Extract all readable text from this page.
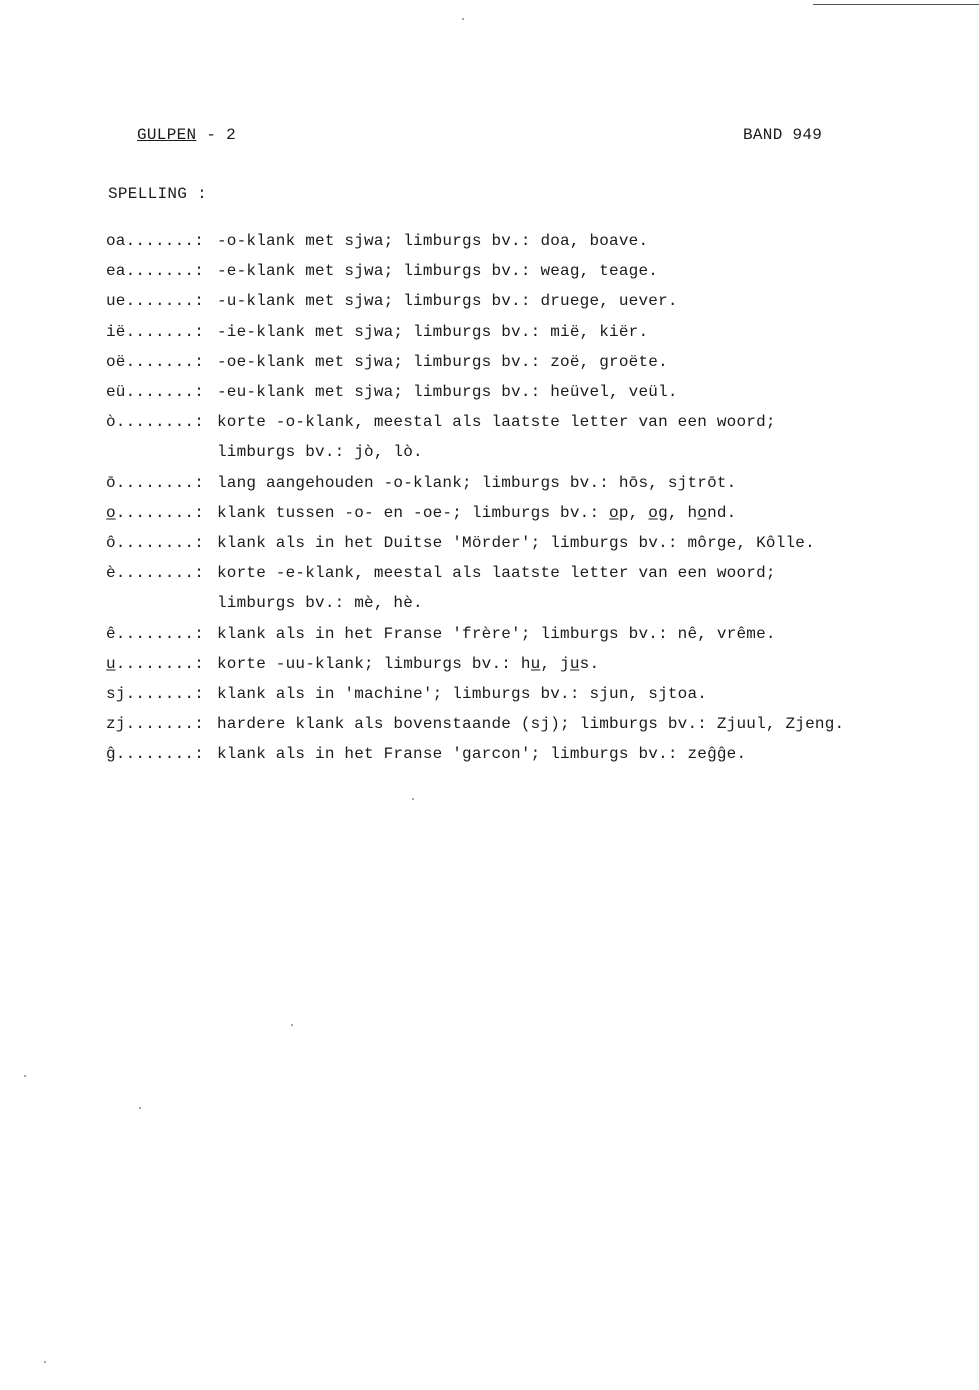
GULPEN - 2	BAND 949
SPELLING :
oa.......: -o-klank met sjwa; limburgs bv.: doa, boave.
ea.......: -e-klank met sjwa; limburgs bv.: weag, teage.
ue.......: -u-klank met sjwa; limburgs bv.: druege, uever.
ië.......: -ie-klank met sjwa; limburgs bv.: mië, kiër.
oë.......: -oe-klank met sjwa; limburgs bv.: zoë, groëte.
eü.......: -eu-klank met sjwa; limburgs bv.: heüvel, veül.
ò........: korte -o-klank, meestal als laatste letter van een woord;
limburgs bv.: jò, lò.
ō........: lang aangehouden -o-klank; limburgs bv.: hōs, sjtrōt.
o̲........: klank tussen -o- en -oe-; limburgs bv.: o̲p, o̲g, ho̲nd.
ô........: klank als in het Duitse 'Mörder'; limburgs bv.: môrge, Kôlle.
è........: korte -e-klank, meestal als laatste letter van een woord;
limburgs bv.: mè, hè.
ê........: klank als in het Franse 'frère'; limburgs bv.: nê, vrême.
u̲........: korte -uu-klank; limburgs bv.: hu̲, ju̲s.
sj.......: klank als in 'machine'; limburgs bv.: sjun, sjtoa.
zj.......: hardere klank als bovenstaande (sj); limburgs bv.: Zjuul, Zjeng.
ĝ........: klank als in het Franse 'garcon'; limburgs bv.: zeĝĝe.
